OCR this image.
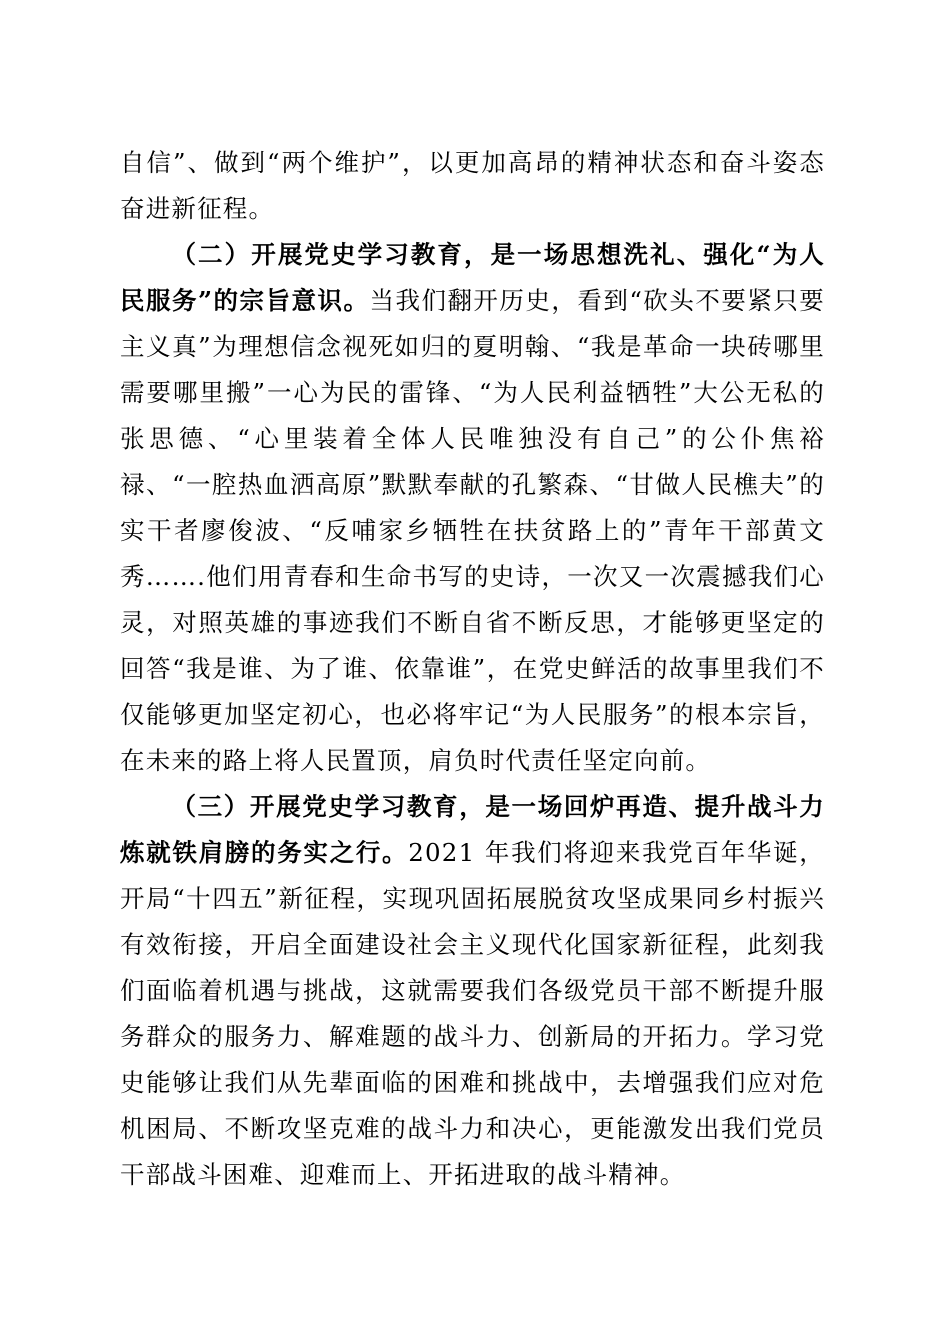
自信”、做到“两个维护”，以更加高昂的精神状态和奋斗姿态奋进新征程。

（二）开展党史学习教育，是一场思想洗礼、强化“为人民服务”的宗旨意识。当我们翻开历史，看到“砍头不要紧只要主义真”为理想信念视死如归的夏明翰、“我是革命一块砖哪里需要哪里搬”一心为民的雷锋、“为人民利益牺牲”大公无私的张思德、“心里装着全体人民唯独没有自己”的公仆焦裕禄、“一腔热血洒高原”默默奉献的孔繁森、“甘做人民樵夫”的实干者廖俊波、“反哺家乡牺牲在扶贫路上的”青年干部黄文秀…….他们用青春和生命书写的史诗，一次又一次震撼我们心灵，对照英雄的事迹我们不断自省不断反思，才能够更坚定的回答“我是谁、为了谁、依靠谁”，在党史鲜活的故事里我们不仅能够更加坚定初心，也必将牢记“为人民服务”的根本宗旨，在未来的路上将人民置顶，肩负时代责任坚定向前。

（三）开展党史学习教育，是一场回炉再造、提升战斗力炼就铁肩膀的务实之行。2021 年我们将迎来我党百年华诞，开局“十四五”新征程，实现巩固拓展脱贫攻坚成果同乡村振兴有效衔接，开启全面建设社会主义现代化国家新征程，此刻我们面临着机遇与挑战，这就需要我们各级党员干部不断提升服务群众的服务力、解难题的战斗力、创新局的开拓力。学习党史能够让我们从先辈面临的困难和挑战中，去增强我们应对危机困局、不断攻坚克难的战斗力和决心，更能激发出我们党员干部战斗困难、迎难而上、开拓进取的战斗精神。
